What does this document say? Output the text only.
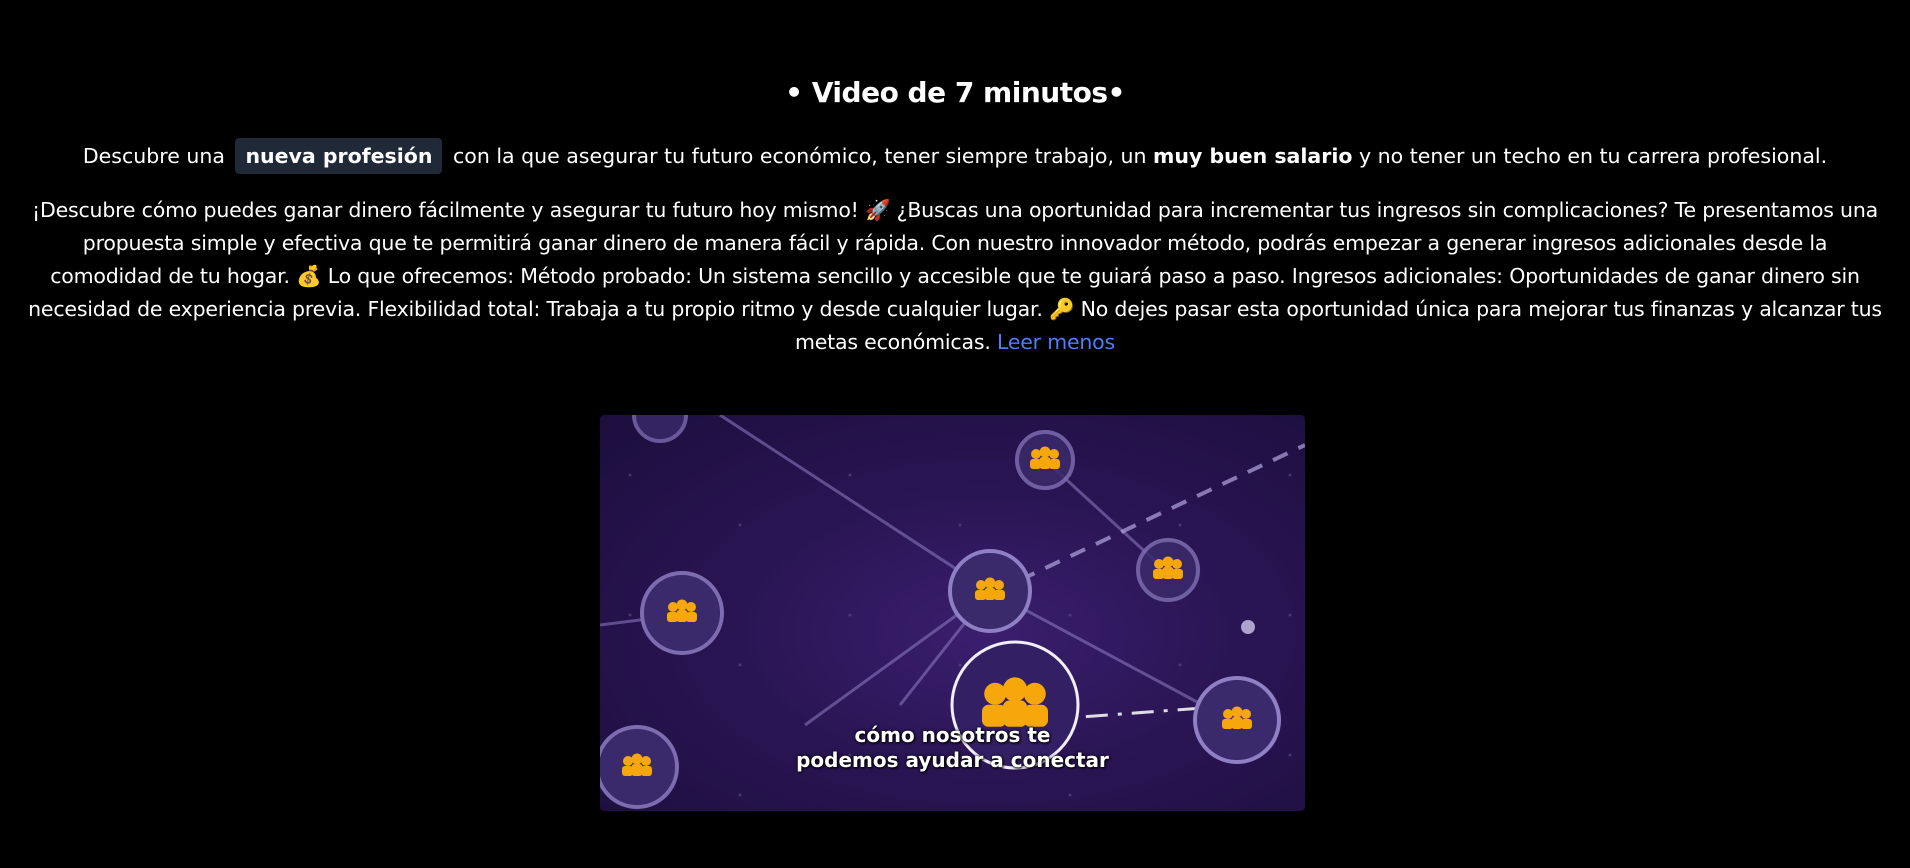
• Video de 7 minutos•
Descubre una nueva profesión con la que asegurar tu futuro económico, tener siempre trabajo, un muy buen salario y no tener un techo en tu carrera profesional.
¡Descubre cómo puedes ganar dinero fácilmente y asegurar tu futuro hoy mismo! 🚀 ¿Buscas una oportunidad para incrementar tus ingresos sin complicaciones? Te presentamos una propuesta simple y efectiva que te permitirá ganar dinero de manera fácil y rápida. Con nuestro innovador método, podrás empezar a generar ingresos adicionales desde la comodidad de tu hogar. 💰 Lo que ofrecemos: Método probado: Un sistema sencillo y accesible que te guiará paso a paso. Ingresos adicionales: Oportunidades de ganar dinero sin necesidad de experiencia previa. Flexibilidad total: Trabaja a tu propio ritmo y desde cualquier lugar. 🔑 No dejes pasar esta oportunidad única para mejorar tus finanzas y alcanzar tus metas económicas. Leer menos
cómo nosotros te
podemos ayudar a conectar
